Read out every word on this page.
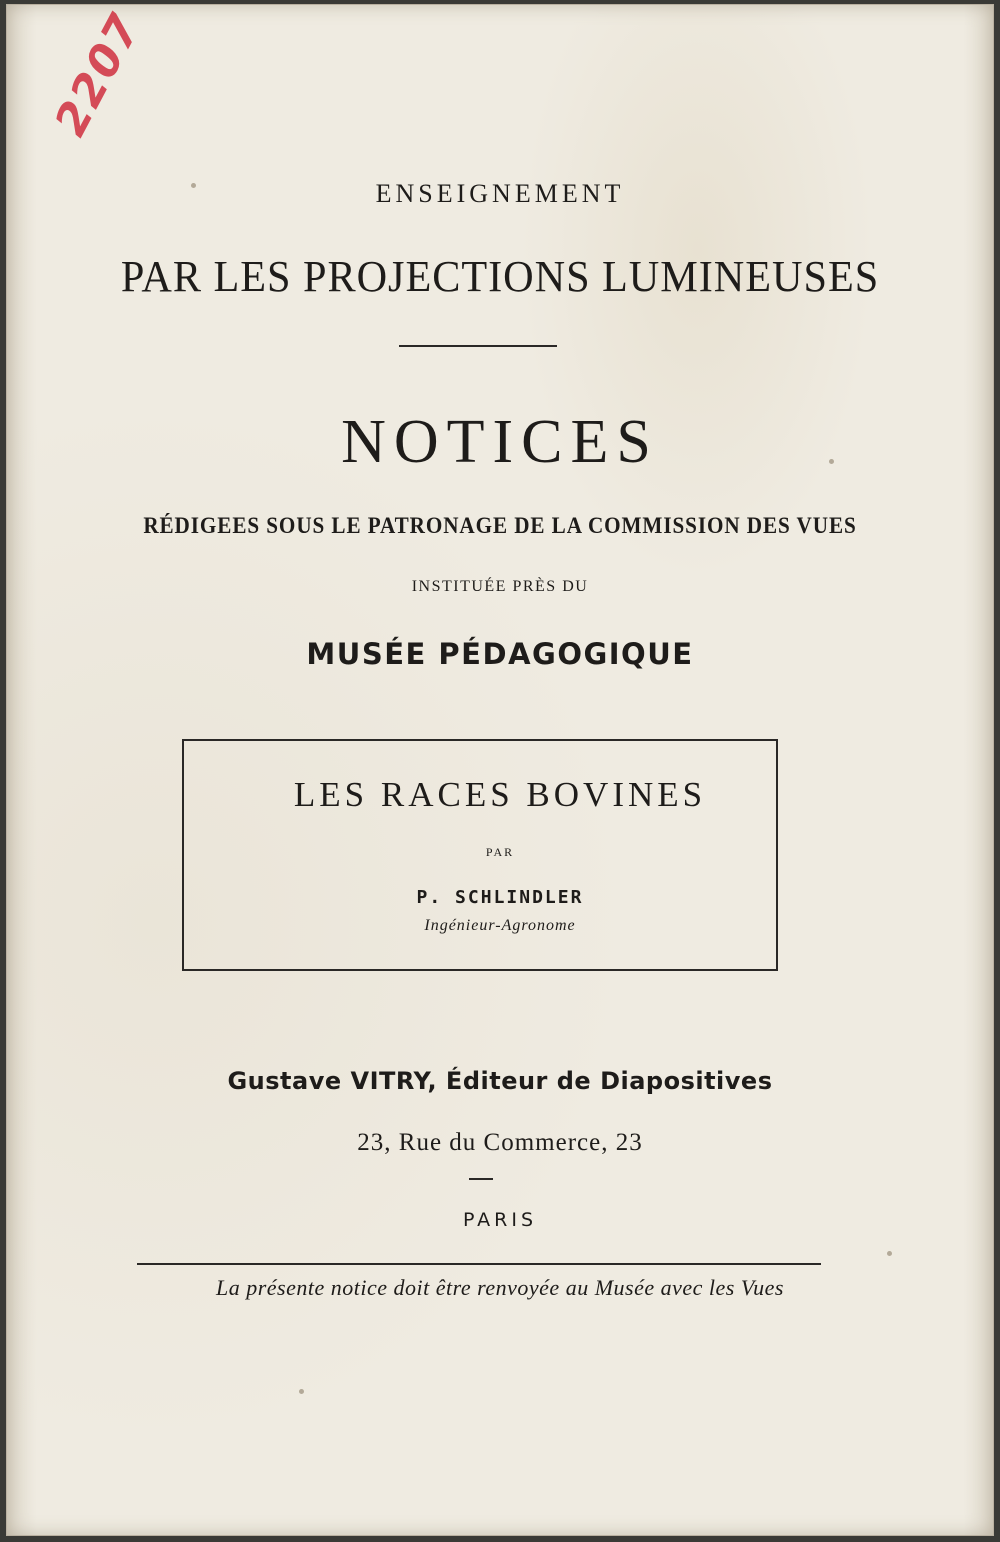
2207
ENSEIGNEMENT
PAR LES PROJECTIONS LUMINEUSES
NOTICES
RÉDIGEES SOUS LE PATRONAGE DE LA COMMISSION DES VUES
INSTITUÉE PRÈS DU
MUSÉE PÉDAGOGIQUE
LES RACES BOVINES
PAR
P. SCHLINDLER
Ingénieur-Agronome
Gustave VITRY, Éditeur de Diapositives
23, Rue du Commerce, 23
PARIS
La présente notice doit être renvoyée au Musée avec les Vues
